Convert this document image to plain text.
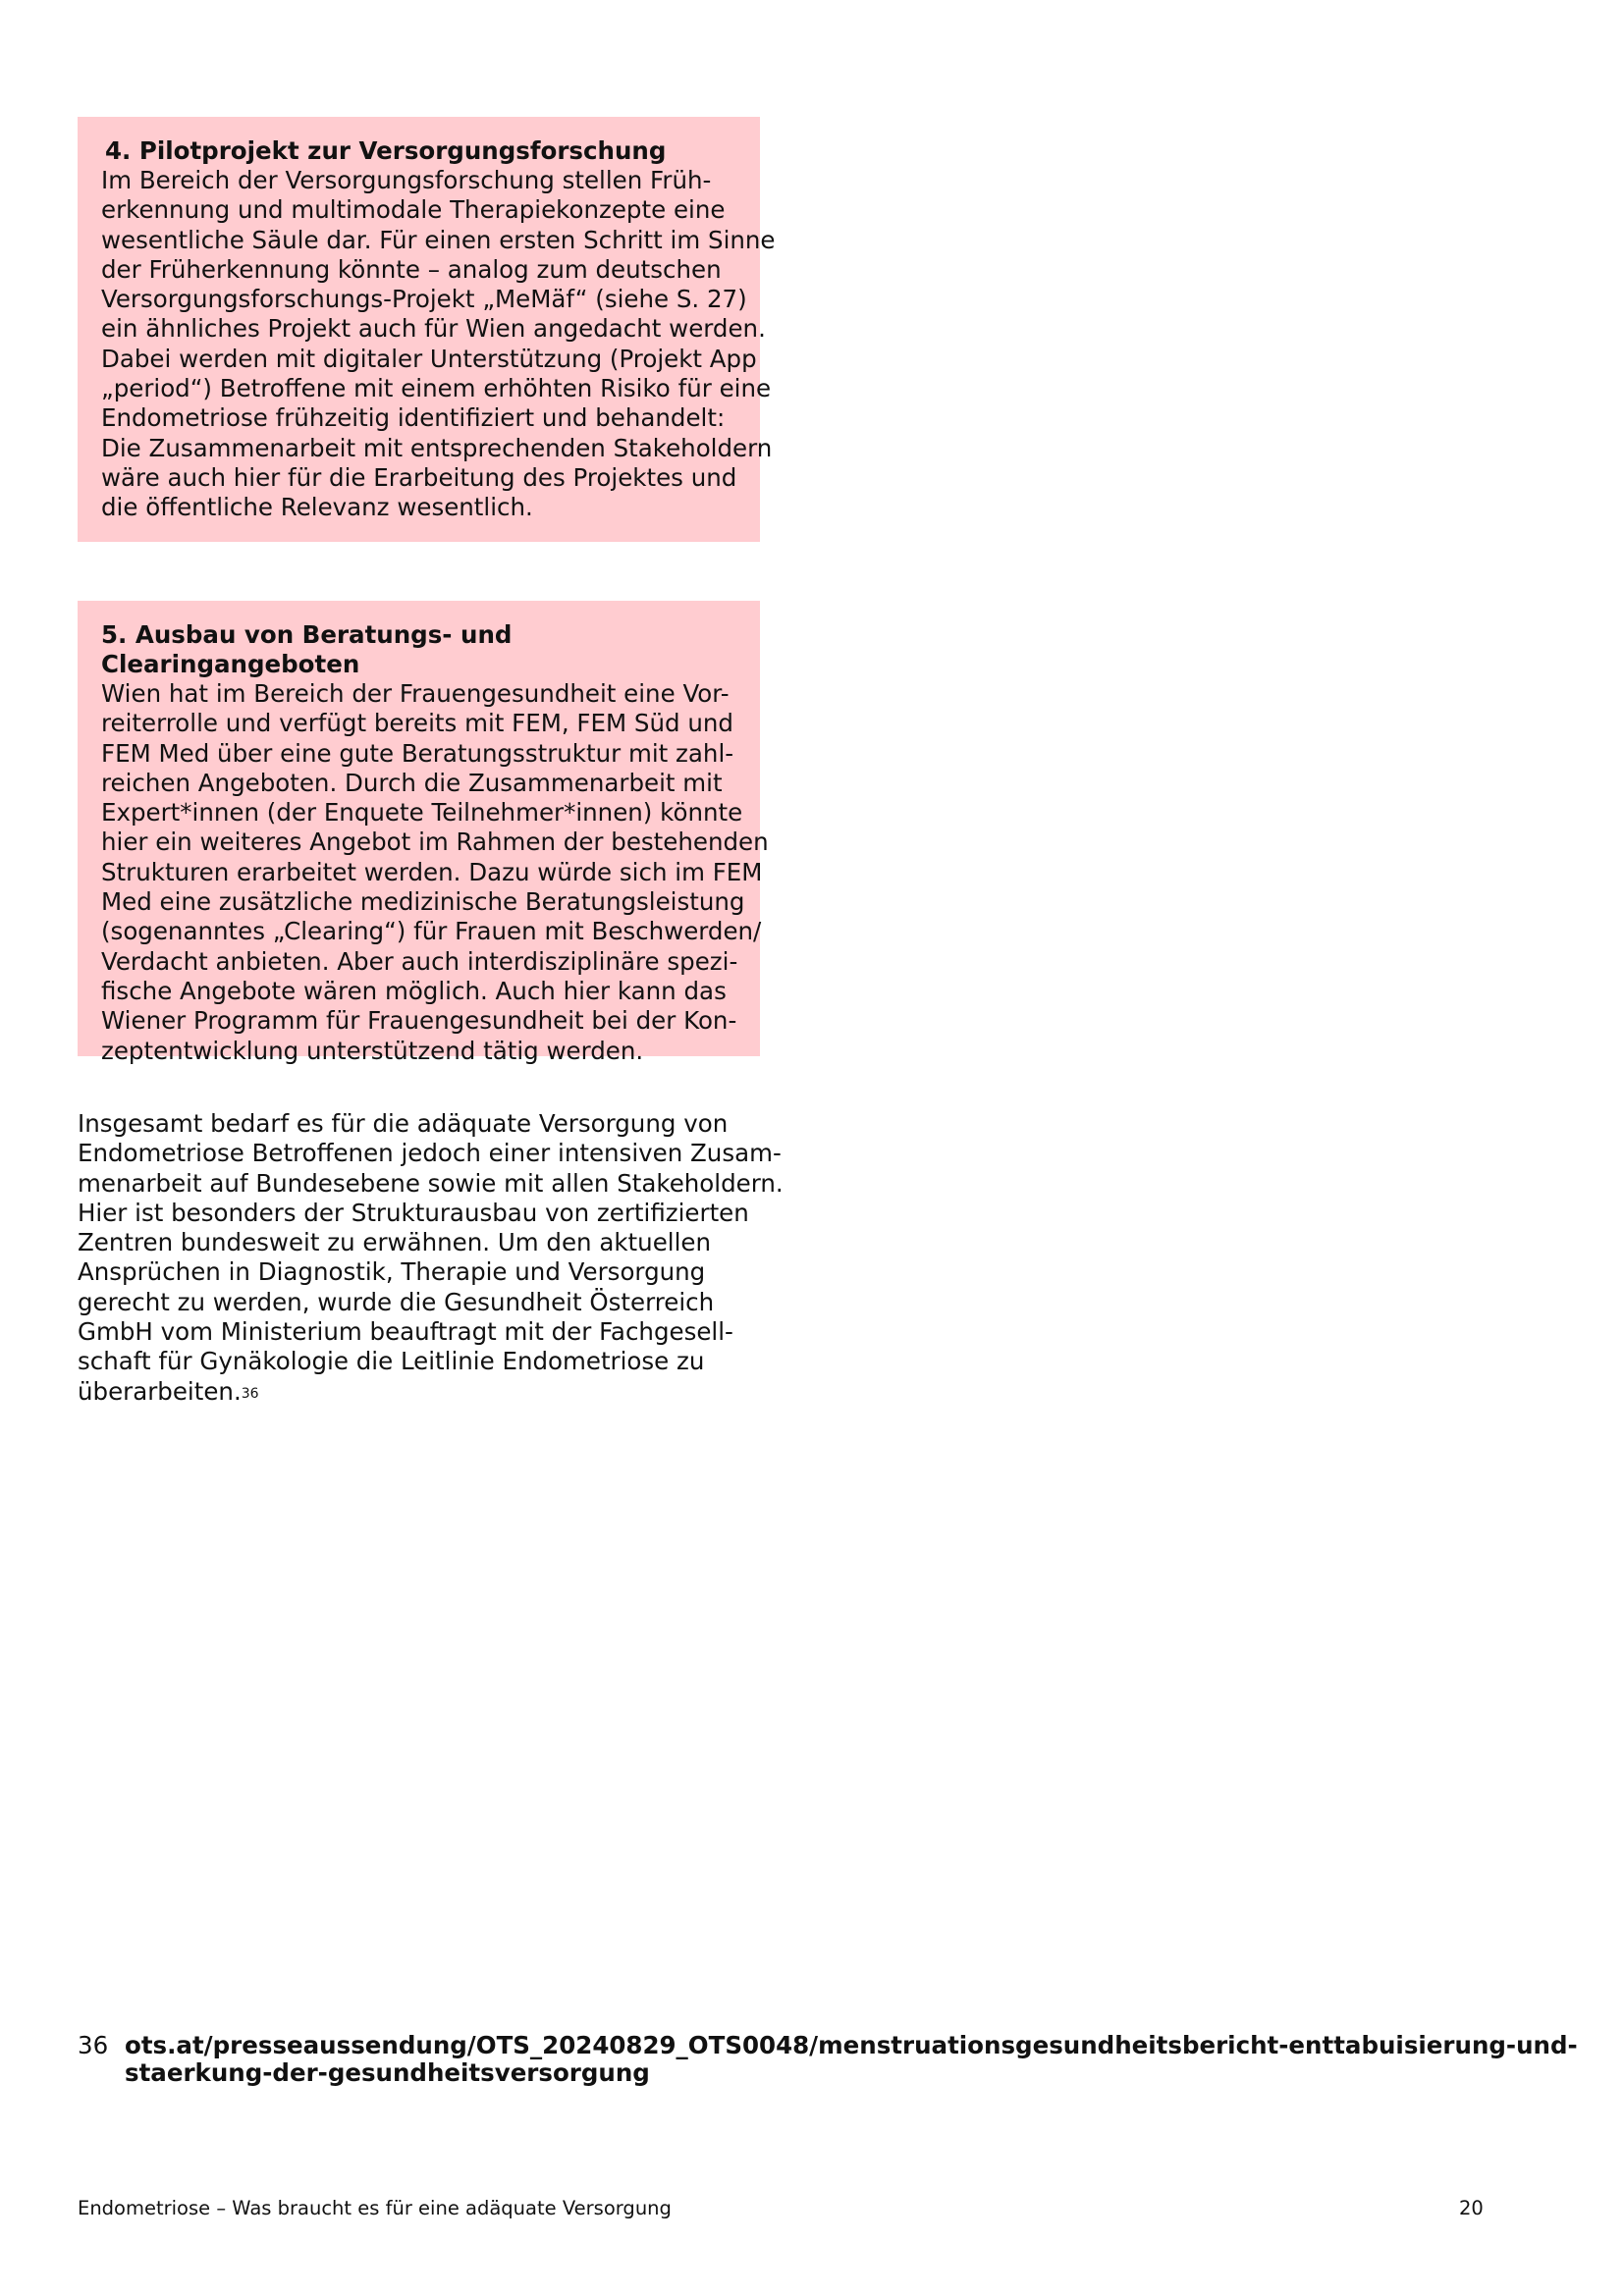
4. Pilotprojekt zur Versorgungsforschung
Im Bereich der Versorgungsforschung stellen Früh-
erkennung und multimodale Therapiekonzepte eine
wesentliche Säule dar. Für einen ersten Schritt im Sinne
der Früherkennung könnte – analog zum deutschen
Versorgungsforschungs-Projekt „MeMäf“ (siehe S. 27)
ein ähnliches Projekt auch für Wien angedacht werden.
Dabei werden mit digitaler Unterstützung (Projekt App
„period“) Betroffene mit einem erhöhten Risiko für eine
Endometriose frühzeitig identifiziert und behandelt:
Die Zusammenarbeit mit entsprechenden Stakeholdern
wäre auch hier für die Erarbeitung des Projektes und
die öffentliche Relevanz wesentlich.
5. Ausbau von Beratungs- und Clearingangeboten
Wien hat im Bereich der Frauengesundheit eine Vor-
reiterrolle und verfügt bereits mit FEM, FEM Süd und
FEM Med über eine gute Beratungsstruktur mit zahl-
reichen Angeboten. Durch die Zusammenarbeit mit
Expert*innen (der Enquete Teilnehmer*innen) könnte
hier ein weiteres Angebot im Rahmen der bestehenden
Strukturen erarbeitet werden. Dazu würde sich im FEM
Med eine zusätzliche medizinische Beratungsleistung
(sogenanntes „Clearing“) für Frauen mit Beschwerden/
Verdacht anbieten. Aber auch interdisziplinäre spezi-
fische Angebote wären möglich. Auch hier kann das
Wiener Programm für Frauengesundheit bei der Kon-
zeptentwicklung unterstützend tätig werden.
Insgesamt bedarf es für die adäquate Versorgung von
Endometriose Betroffenen jedoch einer intensiven Zusam-
menarbeit auf Bundesebene sowie mit allen Stakeholdern.
Hier ist besonders der Strukturausbau von zertifizierten
Zentren bundesweit zu erwähnen. Um den aktuellen
Ansprüchen in Diagnostik, Therapie und Versorgung
gerecht zu werden, wurde die Gesundheit Österreich
GmbH vom Ministerium beauftragt mit der Fachgesell-
schaft für Gynäkologie die Leitlinie Endometriose zu
überarbeiten.$^{36}$
36 ots.at/presseaussendung/OTS_20240829_OTS0048/menstruationsgesundheitsbericht-enttabuisierung-und-
staerkung-der-gesundheitsversorgung
Endometriose – Was braucht es für eine adäquate Versorgung	20
